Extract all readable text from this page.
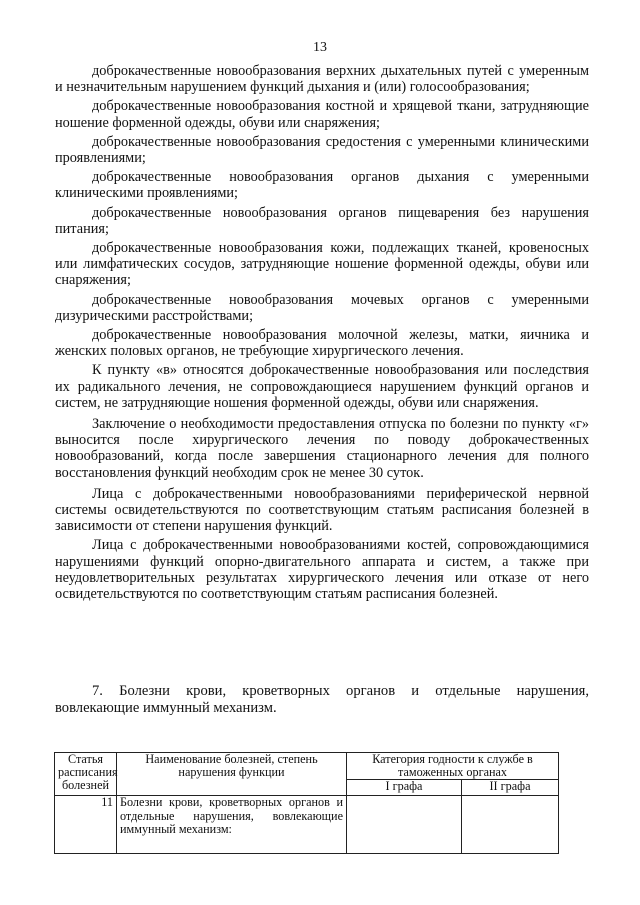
13

доброкачественные новообразования верхних дыхательных путей с умеренным и незначительным нарушением функций дыхания и (или) голосообразования;

доброкачественные новообразования костной и хрящевой ткани, затрудняющие ношение форменной одежды, обуви или снаряжения;

доброкачественные новообразования средостения с умеренными клиническими проявлениями;

доброкачественные новообразования органов дыхания с умеренными клиническими проявлениями;

доброкачественные новообразования органов пищеварения без нарушения питания;

доброкачественные новообразования кожи, подлежащих тканей, кровеносных или лимфатических сосудов, затрудняющие ношение форменной одежды, обуви или снаряжения;

доброкачественные новообразования мочевых органов с умеренными дизурическими расстройствами;

доброкачественные новообразования молочной железы, матки, яичника и женских половых органов, не требующие хирургического лечения.

К пункту «в» относятся доброкачественные новообразования или последствия их радикального лечения, не сопровождающиеся нарушением функций органов и систем, не затрудняющие ношения форменной одежды, обуви или снаряжения.

Заключение о необходимости предоставления отпуска по болезни по пункту «г» выносится после хирургического лечения по поводу доброкачественных новообразований, когда после завершения стационарного лечения для полного восстановления функций необходим срок не менее 30 суток.

Лица с доброкачественными новообразованиями периферической нервной системы освидетельствуются по соответствующим статьям расписания болезней в зависимости от степени нарушения функций.

Лица с доброкачественными новообразованиями костей, сопровождающимися нарушениями функций опорно-двигательного аппарата и систем, а также при неудовлетворительных результатах хирургического лечения или отказе от него освидетельствуются по соответствующим статьям расписания болезней.

7. Болезни крови, кроветворных органов и отдельные нарушения, вовлекающие иммунный механизм.

Статья расписания болезней	Наименование болезней, степень нарушения функции	Категория годности к службе в таможенных органах	
		I графа	II графа
11	Болезни крови, кроветворных органов и отдельные нарушения, вовлекающие иммунный механизм:		
